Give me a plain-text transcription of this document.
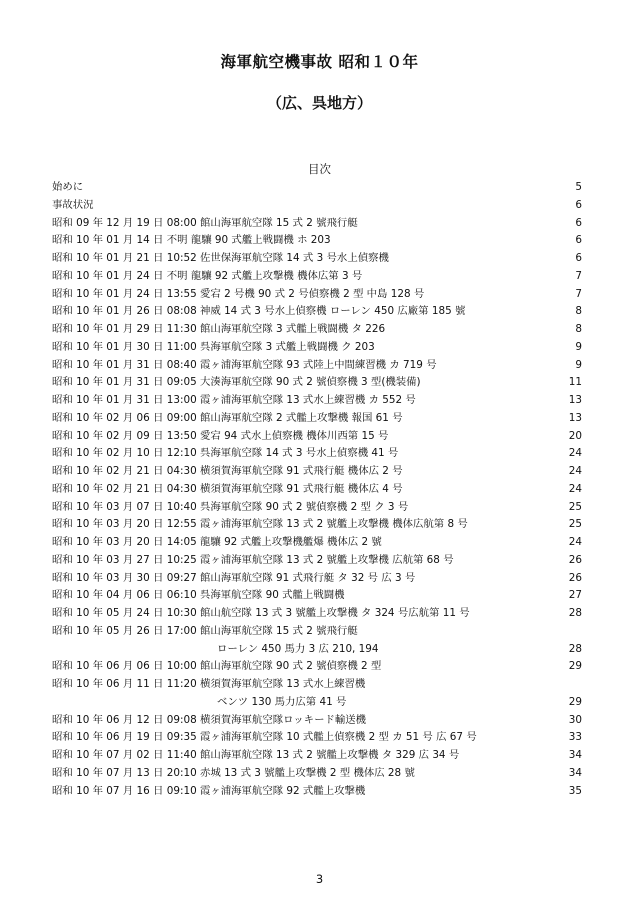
海軍航空機事故 昭和１０年
（広、呉地方）
目次
始めに	5
事故状況	6
昭和 09 年 12 月 19 日 08:00 館山海軍航空隊 15 式 2 號飛行艇	6
昭和 10 年 01 月 14 日 不明 龍驤 90 式艦上戦闘機 ホ 203	6
昭和 10 年 01 月 21 日 10:52 佐世保海軍航空隊 14 式 3 号水上偵察機	6
昭和 10 年 01 月 24 日 不明 龍驤 92 式艦上攻撃機 機体広第 3 号	7
昭和 10 年 01 月 24 日 13:55 愛宕 2 号機 90 式 2 号偵察機 2 型 中島 128 号	7
昭和 10 年 01 月 26 日 08:08 神威 14 式 3 号水上偵察機 ローレン 450 広廠第 185 號	8
昭和 10 年 01 月 29 日 11:30 館山海軍航空隊 3 式艦上戦闘機 タ 226	8
昭和 10 年 01 月 30 日 11:00 呉海軍航空隊 3 式艦上戦闘機 ク 203	9
昭和 10 年 01 月 31 日 08:40 霞ヶ浦海軍航空隊 93 式陸上中間練習機 カ 719 号	9
昭和 10 年 01 月 31 日 09:05 大湊海軍航空隊 90 式 2 號偵察機 3 型(機装備)	11
昭和 10 年 01 月 31 日 13:00 霞ヶ浦海軍航空隊 13 式水上練習機 カ 552 号	13
昭和 10 年 02 月 06 日 09:00 館山海軍航空隊 2 式艦上攻撃機 報国 61 号	13
昭和 10 年 02 月 09 日 13:50 愛宕 94 式水上偵察機 機体川西第 15 号	20
昭和 10 年 02 月 10 日 12:10 呉海軍航空隊 14 式 3 号水上偵察機 41 号	24
昭和 10 年 02 月 21 日 04:30 横須賀海軍航空隊 91 式飛行艇 機体広 2 号	24
昭和 10 年 02 月 21 日 04:30 横須賀海軍航空隊 91 式飛行艇 機体広 4 号	24
昭和 10 年 03 月 07 日 10:40 呉海軍航空隊 90 式 2 號偵察機 2 型 ク 3 号	25
昭和 10 年 03 月 20 日 12:55 霞ヶ浦海軍航空隊 13 式 2 號艦上攻撃機 機体広航第 8 号	25
昭和 10 年 03 月 20 日 14:05 龍驤 92 式艦上攻撃機艦爆 機体広 2 號	24
昭和 10 年 03 月 27 日 10:25 霞ヶ浦海軍航空隊 13 式 2 號艦上攻撃機 広航第 68 号	26
昭和 10 年 03 月 30 日 09:27 館山海軍航空隊 91 式飛行艇 タ 32 号 広 3 号	26
昭和 10 年 04 月 06 日 06:10 呉海軍航空隊 90 式艦上戦闘機	27
昭和 10 年 05 月 24 日 10:30 館山航空隊 13 式 3 號艦上攻撃機 タ 324 号広航第 11 号	28
昭和 10 年 05 月 26 日 17:00 館山海軍航空隊 15 式 2 號飛行艇
ローレン 450 馬力 3 広 210, 194	28
昭和 10 年 06 月 06 日 10:00 館山海軍航空隊 90 式 2 號偵察機 2 型	29
昭和 10 年 06 月 11 日 11:20 横須賀海軍航空隊 13 式水上練習機
ベンツ 130 馬力広第 41 号	29
昭和 10 年 06 月 12 日 09:08 横須賀海軍航空隊ロッキード輸送機	30
昭和 10 年 06 月 19 日 09:35 霞ヶ浦海軍航空隊 10 式艦上偵察機 2 型 カ 51 号 広 67 号	33
昭和 10 年 07 月 02 日 11:40 館山海軍航空隊 13 式 2 號艦上攻撃機 タ 329 広 34 号	34
昭和 10 年 07 月 13 日 20:10 赤城 13 式 3 號艦上攻撃機 2 型 機体広 28 號	34
昭和 10 年 07 月 16 日 09:10 霞ヶ浦海軍航空隊 92 式艦上攻撃機	35
3
